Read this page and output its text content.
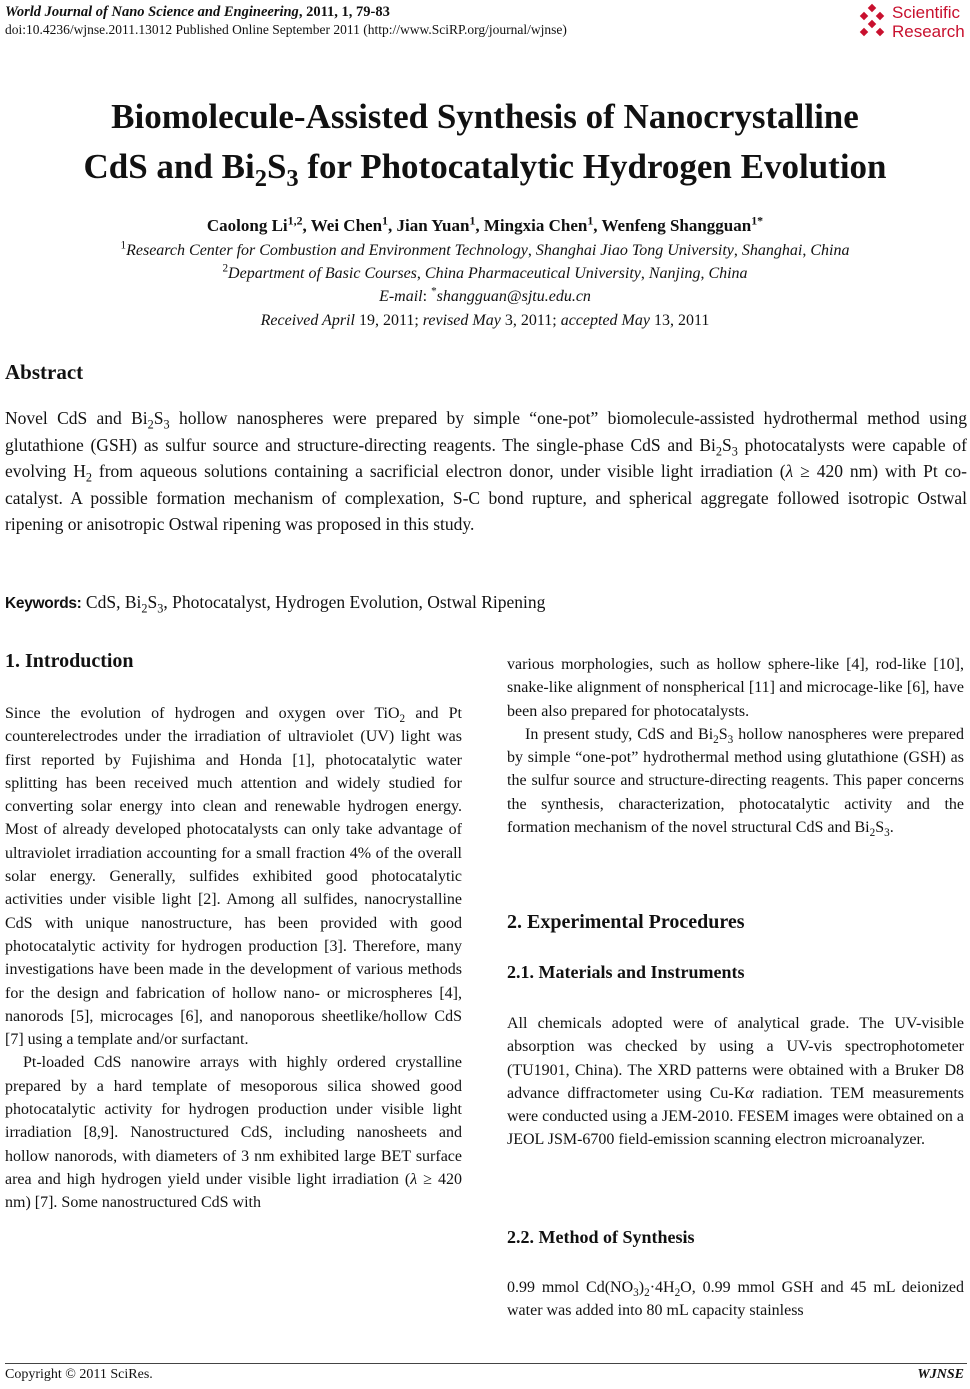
World Journal of Nano Science and Engineering, 2011, 1, 79-83
doi:10.4236/wjnse.2011.13012 Published Online September 2011 (http://www.SciRP.org/journal/wjnse)
Scientific
Research
Biomolecule-Assisted Synthesis of Nanocrystalline
CdS and $Bi_2S_3$ for Photocatalytic Hydrogen Evolution
Caolong Li$^{1,2}$, Wei Chen$^1$, Jian Yuan$^1$, Mingxia Chen$^1$, Wenfeng Shangguan$^{1*}$
$^1$Research Center for Combustion and Environment Technology, Shanghai Jiao Tong University, Shanghai, China
$^2$Department of Basic Courses, China Pharmaceutical University, Nanjing, China
E-mail: *shangguan@sjtu.edu.cn
Received April 19, 2011; revised May 3, 2011; accepted May 13, 2011
Abstract

Novel CdS and $Bi_2S_3$ hollow nanospheres were prepared by simple “one-pot” biomolecule-assisted hydrothermal method using glutathione (GSH) as sulfur source and structure-directing reagents. The single-phase CdS and $Bi_2S_3$ photocatalysts were capable of evolving $H_2$ from aqueous solutions containing a sacrificial electron donor, under visible light irradiation (λ ≥ 420 nm) with Pt co-catalyst. A possible formation mechanism of complexation, S-C bond rupture, and spherical aggregate followed isotropic Ostwal ripening or anisotropic Ostwal ripening was proposed in this study.

Keywords: CdS, $Bi_2S_3$, Photocatalyst, Hydrogen Evolution, Ostwal Ripening
1. Introduction

Since the evolution of hydrogen and oxygen over TiO$_2$ and Pt counterelectrodes under the irradiation of ultraviolet (UV) light was first reported by Fujishima and Honda [1], photocatalytic water splitting has been received much attention and widely studied for converting solar energy into clean and renewable hydrogen energy. Most of already developed photocatalysts can only take advantage of ultraviolet irradiation accounting for a small fraction 4% of the overall solar energy. Generally, sulfides exhibited good photocatalytic activities under visible light [2]. Among all sulfides, nanocrystalline CdS with unique nanostructure, has been provided with good photocatalytic activity for hydrogen production [3]. Therefore, many investigations have been made in the development of various methods for the design and fabrication of hollow nano- or microspheres [4], nanorods [5], microcages [6], and nanoporous sheetlike/hollow CdS [7] using a template and/or surfactant.

Pt-loaded CdS nanowire arrays with highly ordered crystalline prepared by a hard template of mesoporous silica showed good photocatalytic activity for hydrogen production under visible light irradiation [8,9]. Nanostructured CdS, including nanosheets and hollow nanorods, with diameters of 3 nm exhibited large BET surface area and high hydrogen yield under visible light irradiation (λ ≥ 420 nm) [7]. Some nanostructured CdS with

various morphologies, such as hollow sphere-like [4], rod-like [10], snake-like alignment of nonspherical [11] and microcage-like [6], have been also prepared for photocatalysts.

In present study, CdS and $Bi_2S_3$ hollow nanospheres were prepared by simple “one-pot” hydrothermal method using glutathione (GSH) as the sulfur source and structure-directing reagents. This paper concerns the synthesis, characterization, photocatalytic activity and the formation mechanism of the novel structural CdS and $Bi_2S_3$.

2. Experimental Procedures
2.1. Materials and Instruments

All chemicals adopted were of analytical grade. The UV-visible absorption was checked by using a UV-vis spectrophotometer (TU1901, China). The XRD patterns were obtained with a Bruker D8 advance diffractometer using Cu-Kα radiation. TEM measurements were conducted using a JEM-2010. FESEM images were obtained on a JEOL JSM-6700 field-emission scanning electron microanalyzer.

2.2. Method of Synthesis

0.99 mmol $Cd(NO_3)_2\cdot 4H_2O$, 0.99 mmol GSH and 45 mL deionized water was added into 80 mL capacity stainless

Copyright © 2011 SciRes.	WJNSE
